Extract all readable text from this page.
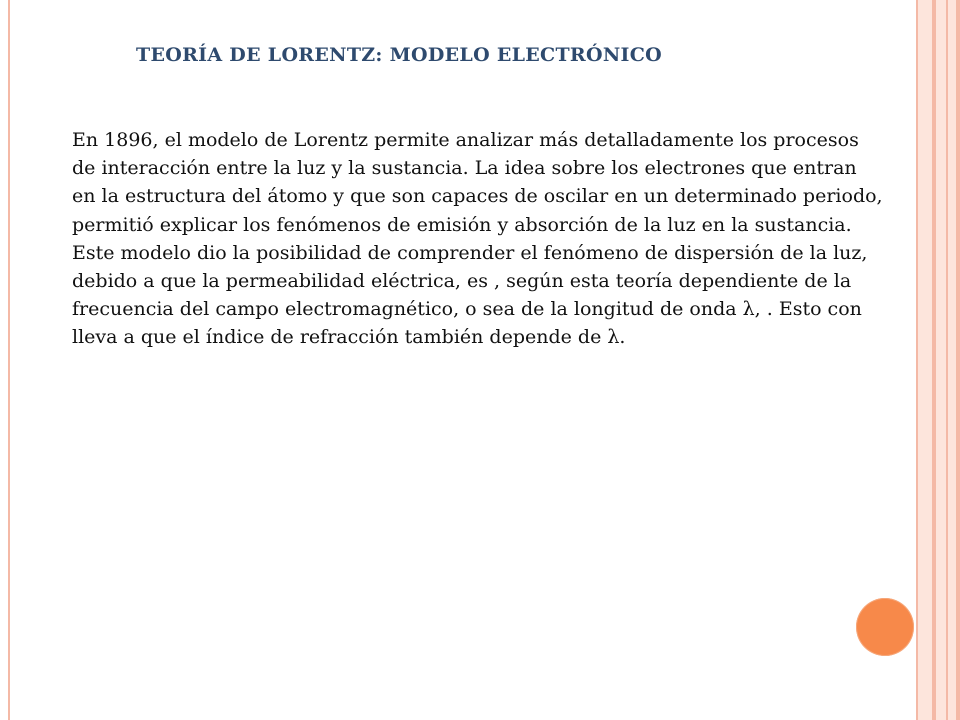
TEORÍA DE LORENTZ: MODELO ELECTRÓNICO

En 1896, el modelo de Lorentz permite analizar más detalladamente los procesos de interacción entre la luz y la sustancia. La idea sobre los electrones que entran en la estructura del átomo y que son capaces de oscilar en un determinado periodo, permitió explicar los fenómenos de emisión y absorción de la luz en la sustancia. Este modelo dio la posibilidad de comprender el fenómeno de dispersión de la luz, debido a que la permeabilidad eléctrica, es , según esta teoría dependiente de la frecuencia del campo electromagnético, o sea de la longitud de onda λ, . Esto con lleva a que el índice de refracción también depende de λ.
